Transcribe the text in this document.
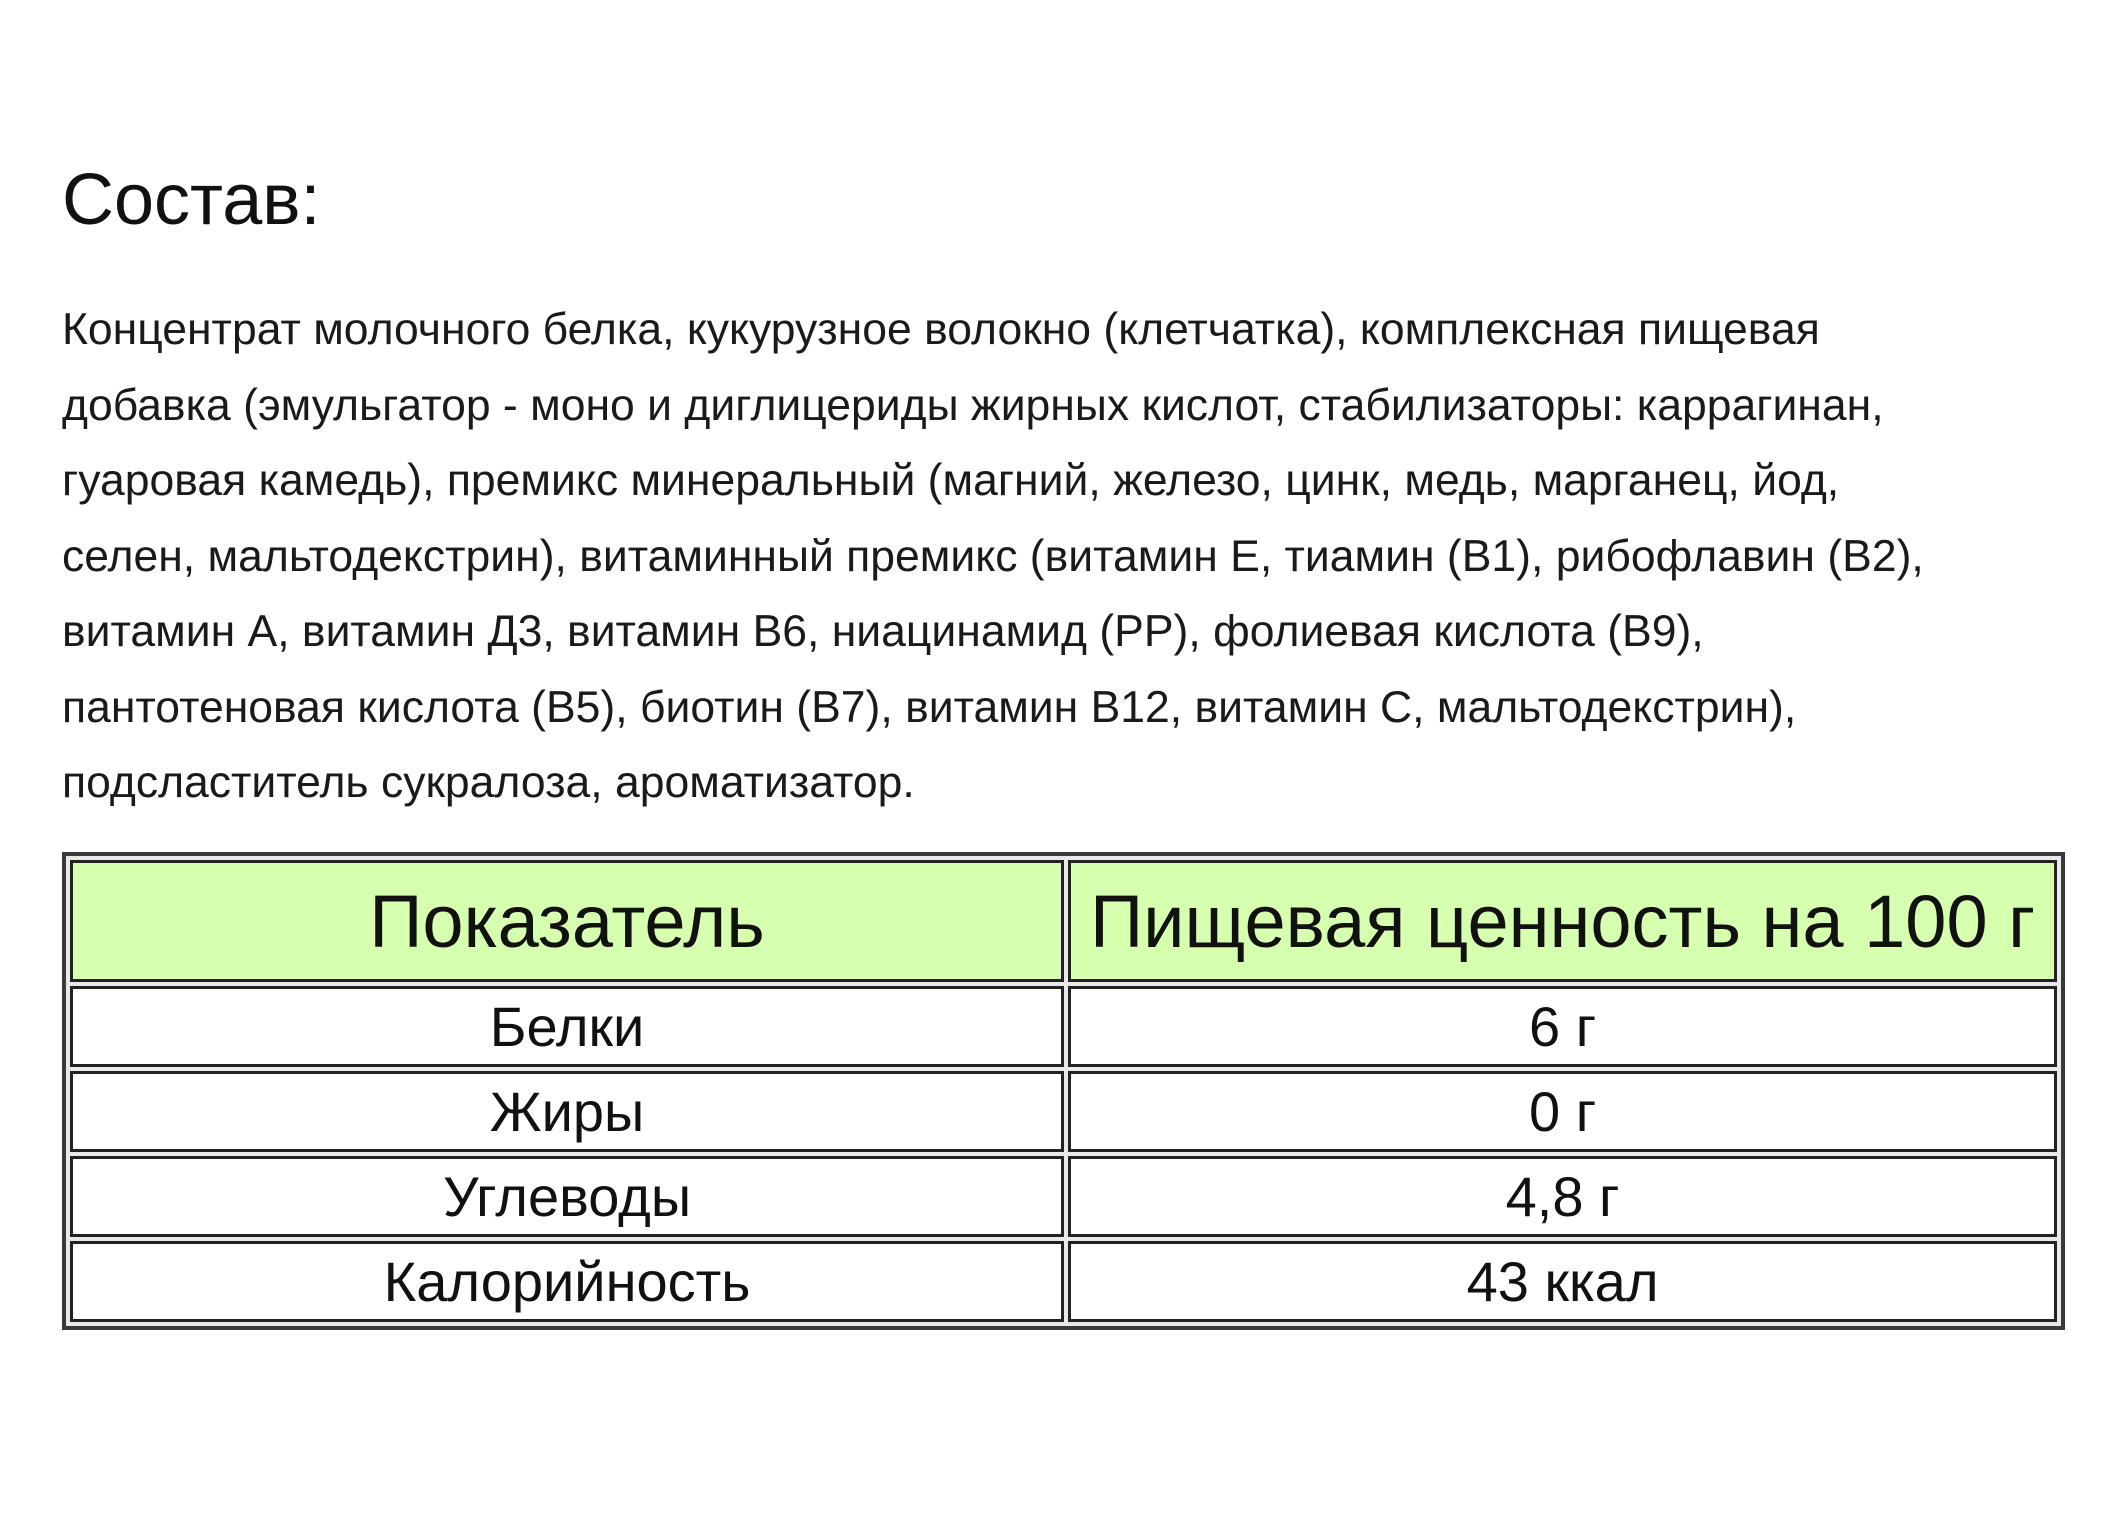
Состав:

Концентрат молочного белка, кукурузное волокно (клетчатка), комплексная пищевая
добавка (эмульгатор - моно и диглицериды жирных кислот, стабилизаторы: каррагинан,
гуаровая камедь), премикс минеральный (магний, железо, цинк, медь, марганец, йод,
селен, мальтодекстрин), витаминный премикс (витамин Е, тиамин (В1), рибофлавин (В2),
витамин А, витамин Д3, витамин В6, ниацинамид (РР), фолиевая кислота (В9),
пантотеновая кислота (В5), биотин (В7), витамин В12, витамин С, мальтодекстрин),
подсластитель сукралоза, ароматизатор.

Показатель	Пищевая ценность на 100 г
Белки	6 г
Жиры	0 г
Углеводы	4,8 г
Калорийность	43 ккал
